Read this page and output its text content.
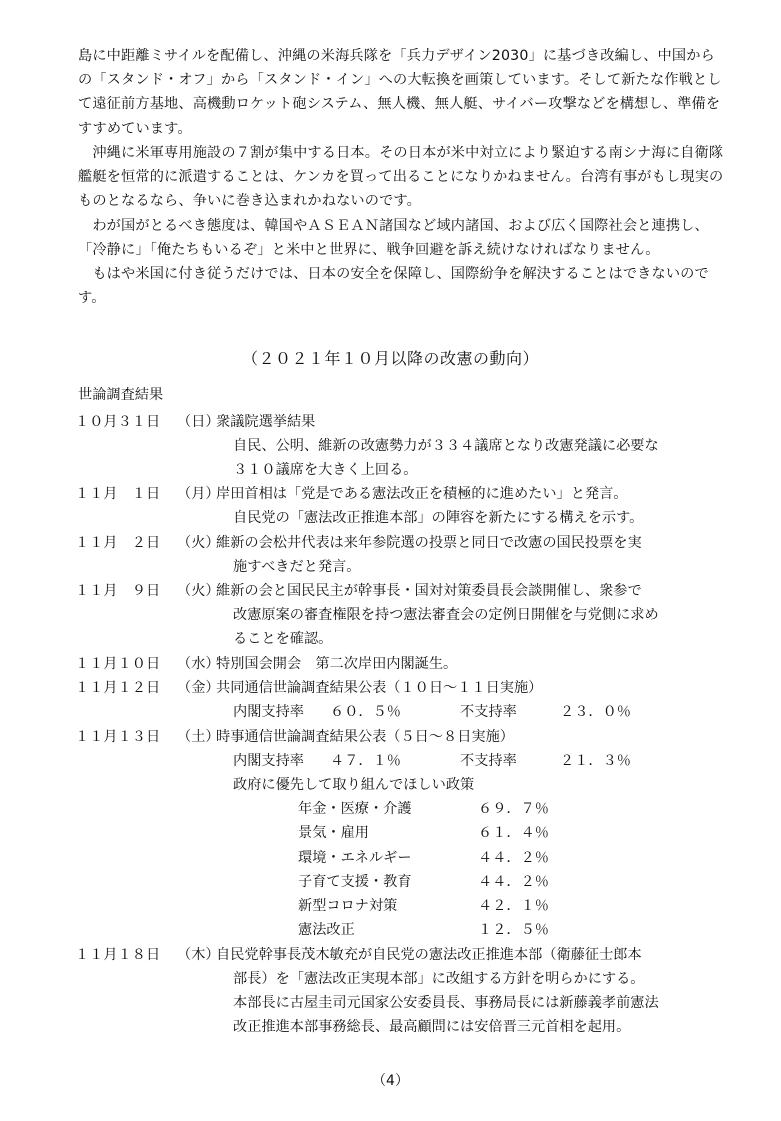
島に中距離ミサイルを配備し、沖縄の米海兵隊を「兵力デザイン2030」に基づき改編し、中国からの「スタンド・オフ」から「スタンド・イン」への大転換を画策しています。そして新たな作戦として遠征前方基地、高機動ロケット砲システム、無人機、無人艇、サイバー攻撃などを構想し、準備をすすめています。
　沖縄に米軍専用施設の７割が集中する日本。その日本が米中対立により緊迫する南シナ海に自衛隊艦艇を恒常的に派遣することは、ケンカを買って出ることになりかねません。台湾有事がもし現実のものとなるなら、争いに巻き込まれかねないのです。
　わが国がとるべき態度は、韓国やＡＳＥＡＮ諸国など域内諸国、および広く国際社会と連携し、「冷静に」「俺たちもいるぞ」と米中と世界に、戦争回避を訴え続けなければなりません。
　もはや米国に付き従うだけでは、日本の安全を保障し、国際紛争を解決することはできないのです。
（２０２１年１０月以降の改憲の動向）
世論調査結果
１０月３１日 （日）
衆議院選挙結果
自民、公明、維新の改憲勢力が３３４議席となり改憲発議に必要な
３１０議席を大きく上回る。
１１月　１日 （月）
岸田首相は「党是である憲法改正を積極的に進めたい」と発言。
自民党の「憲法改正推進本部」の陣容を新たにする構えを示す。
１１月　２日 （火）
維新の会松井代表は来年参院選の投票と同日で改憲の国民投票を実
施すべきだと発言。
１１月　９日 （火）
維新の会と国民民主が幹事長・国対対策委員長会談開催し、衆参で
改憲原案の審査権限を持つ憲法審査会の定例日開催を与党側に求め
ることを確認。
１１月１０日 （水）
特別国会開会　第二次岸田内閣誕生。
１１月１２日 （金）
共同通信世論調査結果公表（１０日～１１日実施）
内閣支持率 ６０．５％	不支持率	２３．０％
１１月１３日 （土）
時事通信世論調査結果公表（５日～８日実施）
内閣支持率 ４７．１％	不支持率	２１．３％
政府に優先して取り組んでほしい政策
年金・医療・介護	６９．７％
景気・雇用	６１．４％
環境・エネルギー	４４．２％
子育て支援・教育	４４．２％
新型コロナ対策	４２．１％
憲法改正	１２．５％
１１月１８日 （木）
自民党幹事長茂木敏充が自民党の憲法改正推進本部（衛藤征士郎本
部長）を「憲法改正実現本部」に改組する方針を明らかにする。
本部長に古屋圭司元国家公安委員長、事務局長には新藤義孝前憲法
改正推進本部事務総長、最高顧問には安倍晋三元首相を起用。
（4）
